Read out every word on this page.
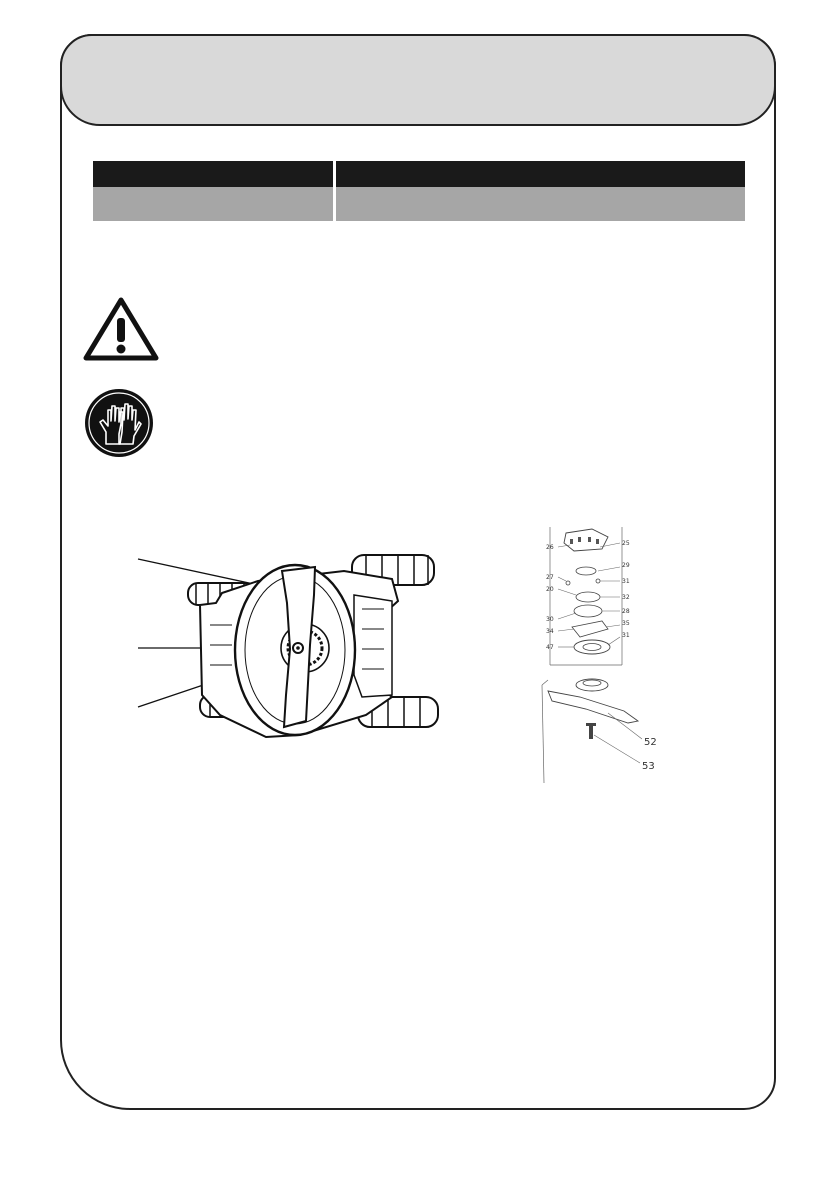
26
25
27
29
20
31
32
30
28
34
35
47
31
52
53
